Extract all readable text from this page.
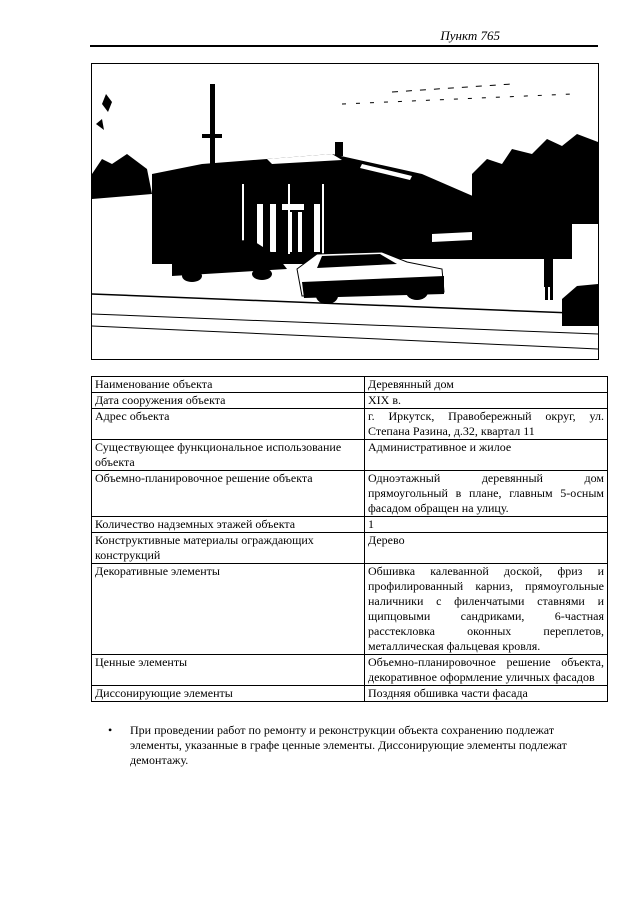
Пункт 765
Наименование объекта	Деревянный дом
Дата сооружения объекта	XIX в.
Адрес объекта	г. Иркутск, Правобережный округ, ул. Степана Разина, д.32, квартал 11
Существующее функциональное использование объекта	Административное и жилое
Объемно-планировочное решение объекта	Одноэтажный деревянный дом прямоугольный в плане, главным 5-осным фасадом обращен на улицу.
Количество надземных этажей объекта	1
Конструктивные материалы ограждающих конструкций	Дерево
Декоративные элементы	Обшивка калеванной доской, фриз и профилированный карниз, прямоугольные наличники с филенчатыми ставнями и щипцовыми сандриками, 6-частная расстекловка оконных переплетов, металлическая фальцевая кровля.
Ценные элементы	Объемно-планировочное решение объекта, декоративное оформление уличных фасадов
Диссонирующие элементы	Поздняя обшивка части фасада
• При проведении работ по ремонту и реконструкции объекта сохранению подлежат элементы, указанные в графе ценные элементы. Диссонирующие элементы подлежат демонтажу.
